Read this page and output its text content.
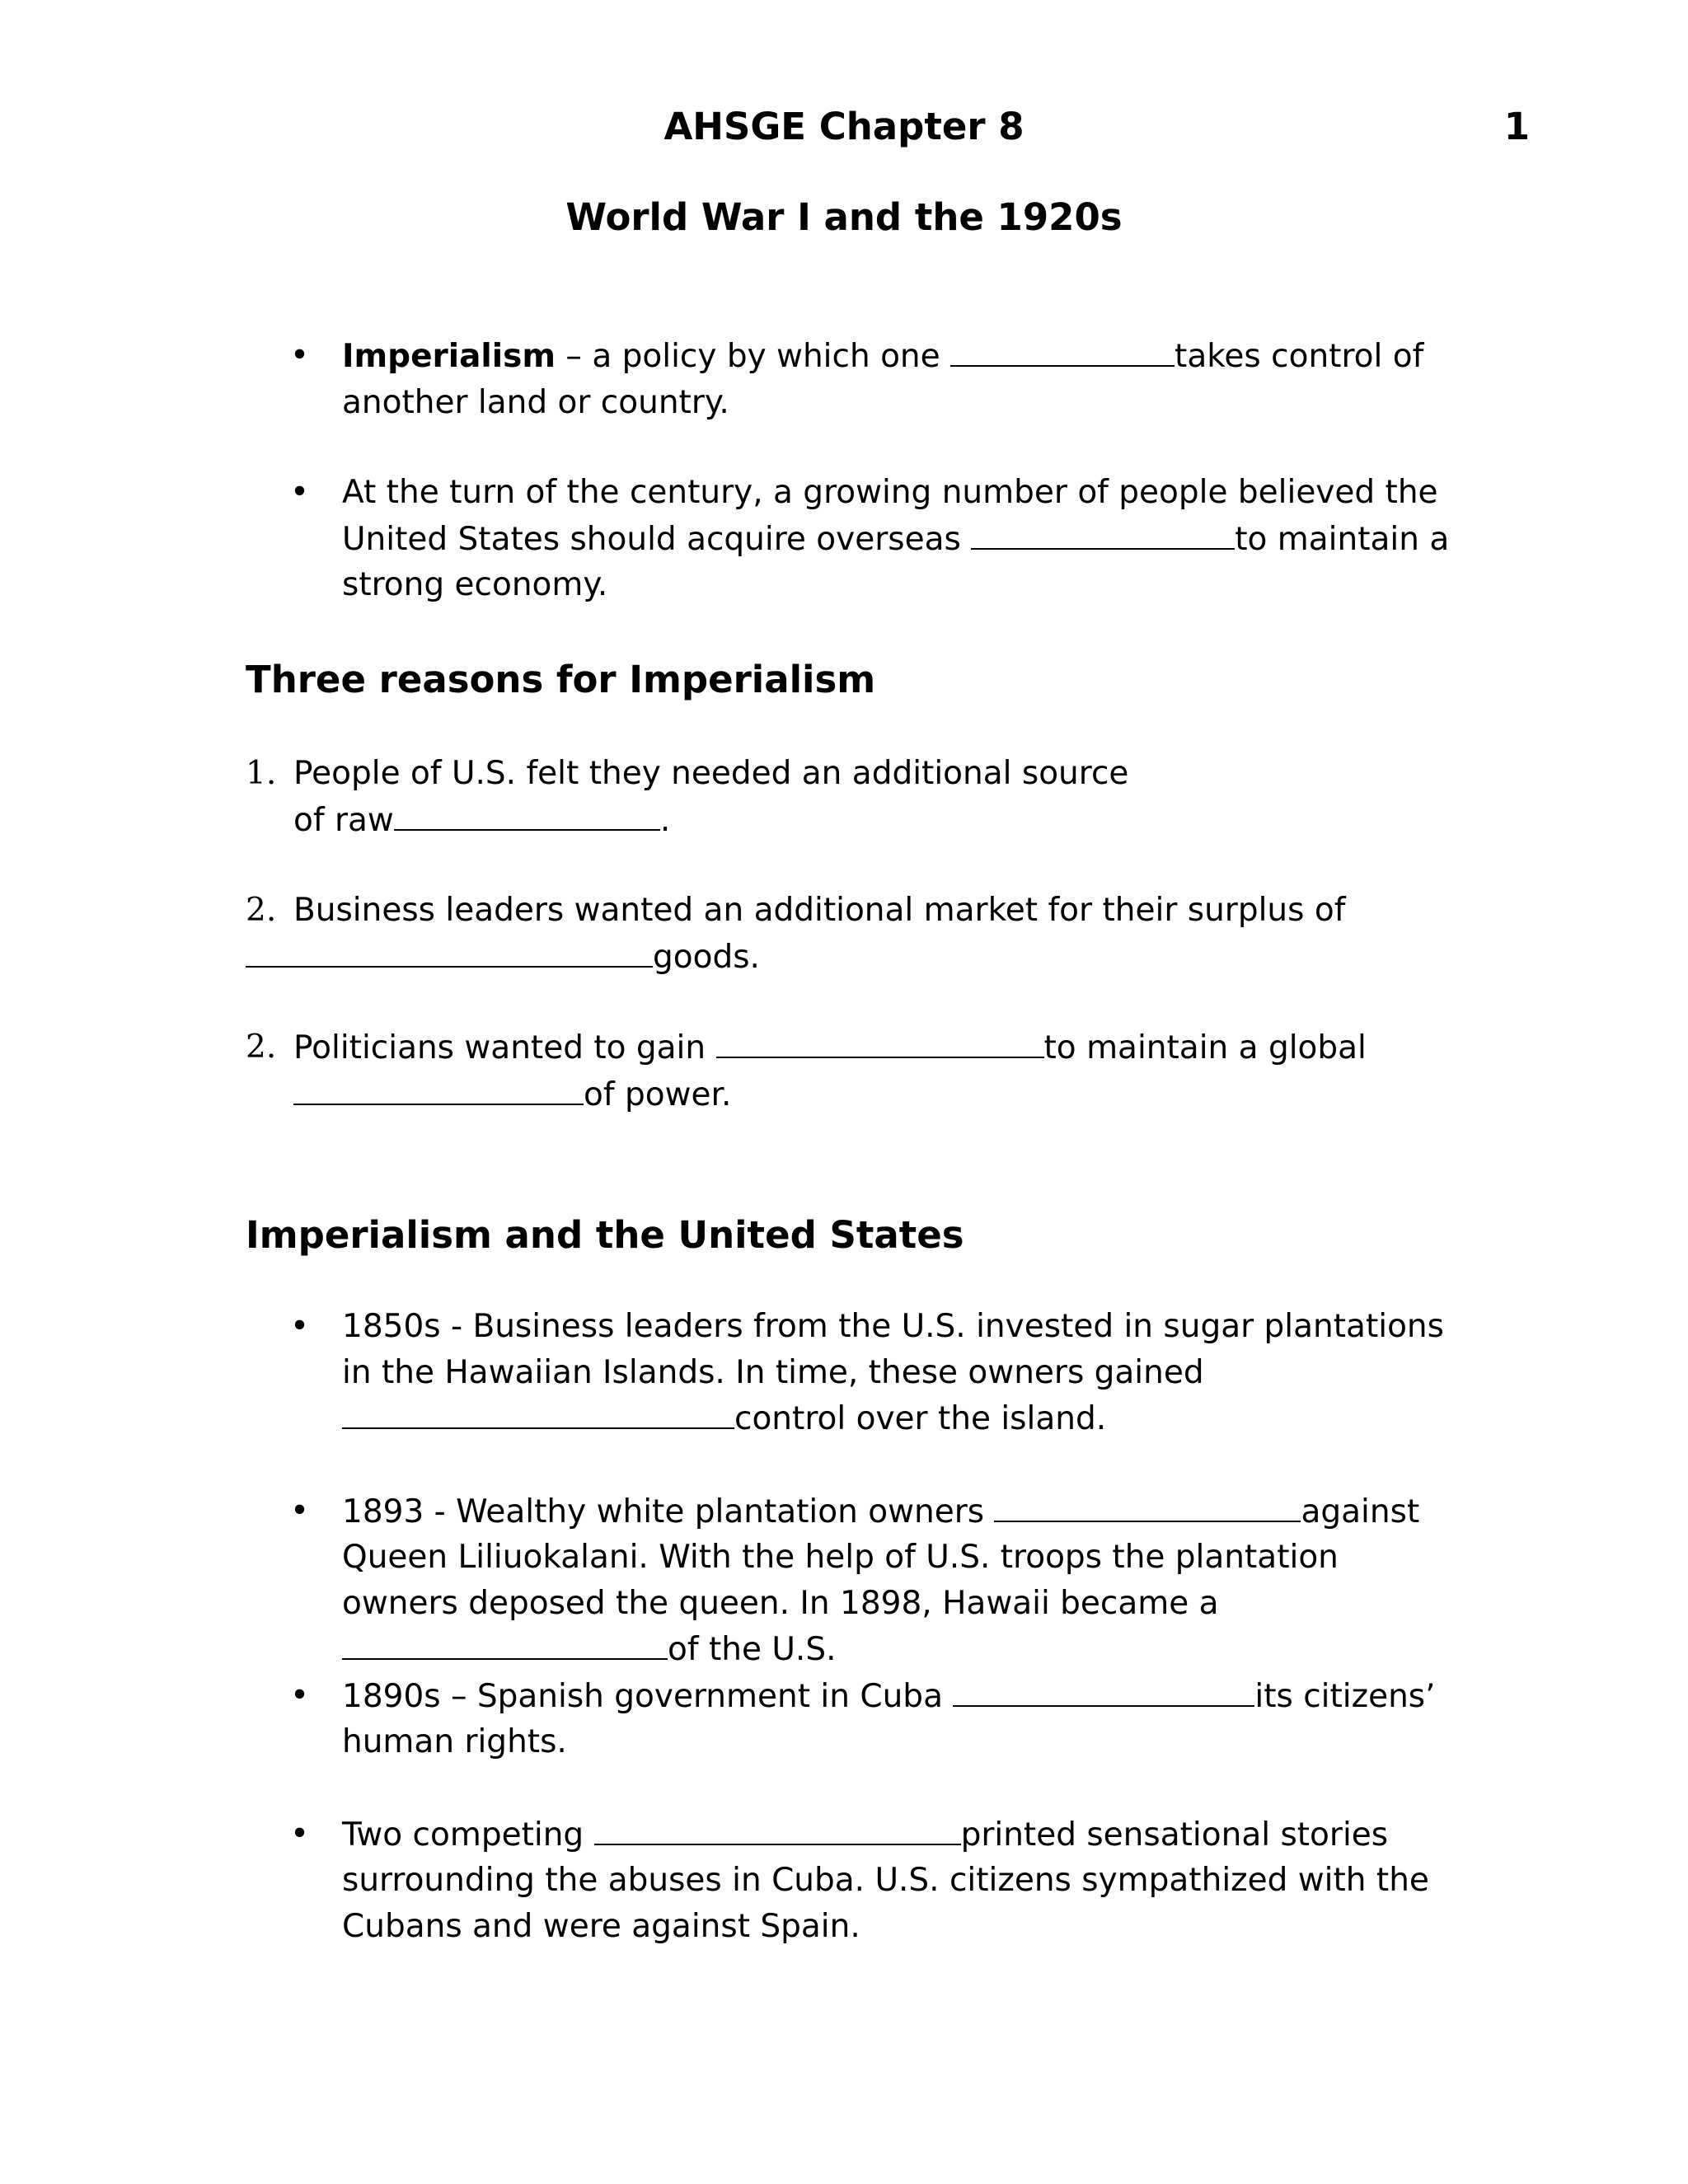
AHSGE Chapter 8	1
World War I and the 1920s
• Imperialism – a policy by which one	takes control of another land or country.
• At the turn of the century, a growing number of people believed the United States should acquire overseas	to maintain a strong economy.
Three reasons for Imperialism
1. People of U.S. felt they needed an additional source of raw	.
2. Business leaders wanted an additional market for their surplus of goods.
2. Politicians wanted to gain	to maintain a global of power.
Imperialism and the United States
• 1850s - Business leaders from the U.S. invested in sugar plantations in the Hawaiian Islands. In time, these owners gained control over the island.
• 1893 - Wealthy white plantation owners	against Queen Liliuokalani. With the help of U.S. troops the plantation owners deposed the queen. In 1898, Hawaii became a of the U.S.
• 1890s – Spanish government in Cuba	its citizens’ human rights.
• Two competing	printed sensational stories surrounding the abuses in Cuba. U.S. citizens sympathized with the Cubans and were against Spain.
